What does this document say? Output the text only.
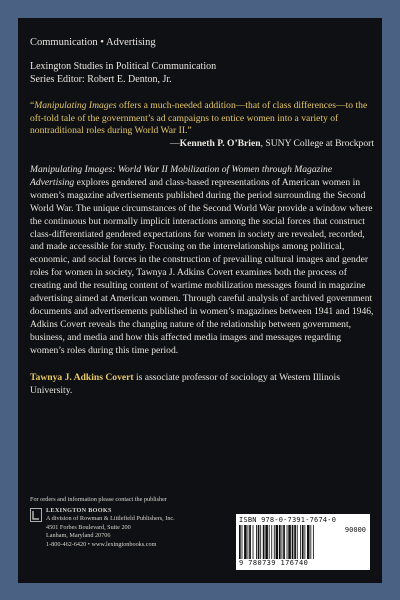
Communication • Advertising

Lexington Studies in Political Communication
Series Editor: Robert E. Denton, Jr.

“Manipulating Images offers a much-needed addition—that of class differences—to the oft-told tale of the government’s ad campaigns to entice women into a variety of nontraditional roles during World War II.”

—Kenneth P. O’Brien, SUNY College at Brockport

Manipulating Images: World War II Mobilization of Women through Magazine Advertising explores gendered and class-based representations of American women in women’s magazine advertisements published during the period surrounding the Second World War. The unique circumstances of the Second World War provide a window where the continuous but normally implicit interactions among the social forces that construct class-differentiated gendered expectations for women in society are revealed, recorded, and made accessible for study. Focusing on the interrelationships among political, economic, and social forces in the construction of prevailing cultural images and gender roles for women in society, Tawnya J. Adkins Covert examines both the process of creating and the resulting content of wartime mobilization messages found in magazine advertising aimed at American women. Through careful analysis of archived government documents and advertisements published in women’s magazines between 1941 and 1946, Adkins Covert reveals the changing nature of the relationship between government, business, and media and how this affected media images and messages regarding women’s roles during this time period.

Tawnya J. Adkins Covert is associate professor of sociology at Western Illinois University.

For orders and information please contact the publisher
LEXINGTON BOOKS
A division of Rowman & Littlefield Publishers, Inc.
4501 Forbes Boulevard, Suite 200
Lanham, Maryland 20706
1-800-462-6420 • www.lexingtonbooks.com
ISBN 978-0-7391-7674-0
90000
9 780739 176740
